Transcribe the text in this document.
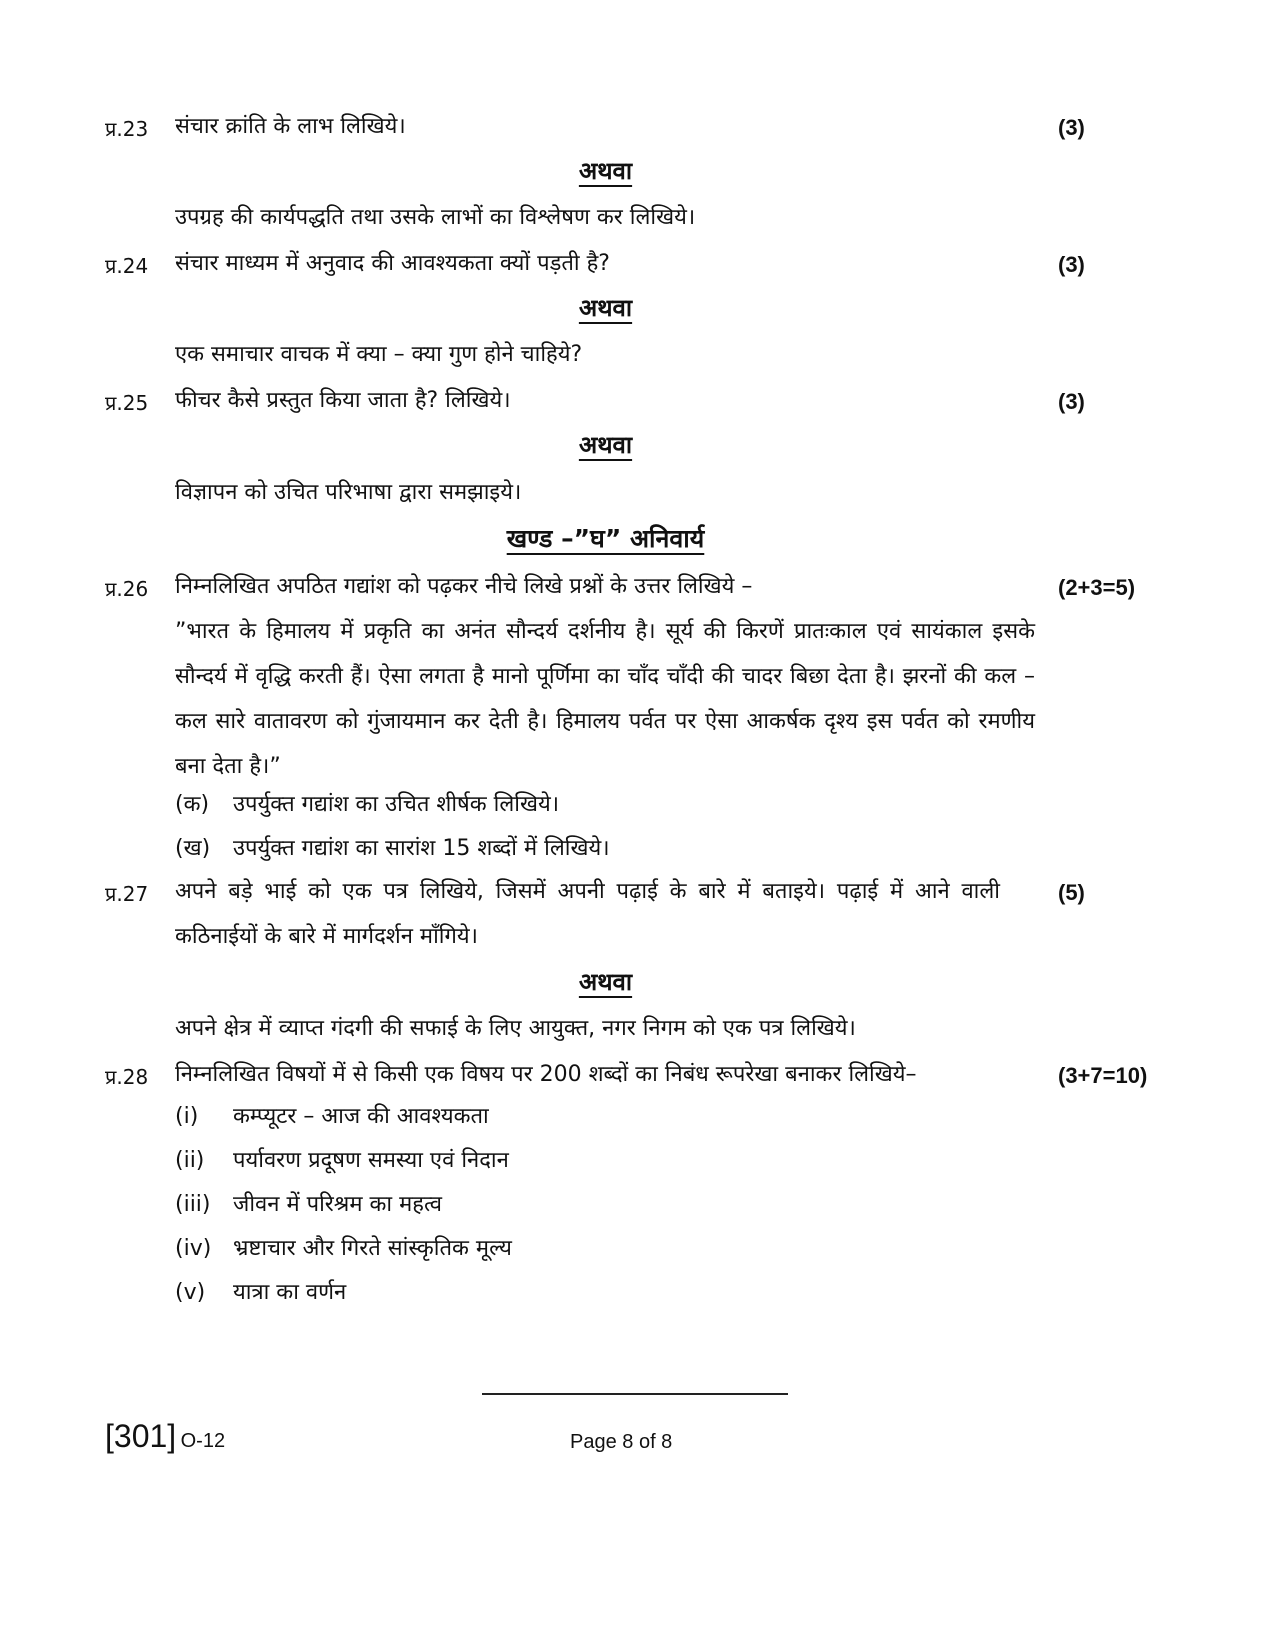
प्र.23 संचार क्रांति के लाभ लिखिये।	(3)
अथवा
उपग्रह की कार्यपद्धति तथा उसके लाभों का विश्लेषण कर लिखिये।
प्र.24 संचार माध्यम में अनुवाद की आवश्यकता क्यों पड़ती है?	(3)
अथवा
एक समाचार वाचक में क्या – क्या गुण होने चाहिये?
प्र.25 फीचर कैसे प्रस्तुत किया जाता है? लिखिये।	(3)
अथवा
विज्ञापन को उचित परिभाषा द्वारा समझाइये।
खण्ड –”घ” अनिवार्य
प्र.26 निम्नलिखित अपठित गद्यांश को पढ़कर नीचे लिखे प्रश्नों के उत्तर लिखिये –	(2+3=5)
”भारत के हिमालय में प्रकृति का अनंत सौन्दर्य दर्शनीय है। सूर्य की किरणें प्रातःकाल एवं सायंकाल इसके सौन्दर्य में वृद्धि करती हैं। ऐसा लगता है मानो पूर्णिमा का चाँद चाँदी की चादर बिछा देता है। झरनों की कल – कल सारे वातावरण को गुंजायमान कर देती है। हिमालय पर्वत पर ऐसा आकर्षक दृश्य इस पर्वत को रमणीय बना देता है।”
(क) उपर्युक्त गद्यांश का उचित शीर्षक लिखिये।
(ख) उपर्युक्त गद्यांश का सारांश 15 शब्दों में लिखिये।
प्र.27 अपने बड़े भाई को एक पत्र लिखिये, जिसमें अपनी पढ़ाई के बारे में बताइये। पढ़ाई में आने वाली कठिनाईयों के बारे में मार्गदर्शन माँगिये।
(5)
अथवा
अपने क्षेत्र में व्याप्त गंदगी की सफाई के लिए आयुक्त, नगर निगम को एक पत्र लिखिये।
प्र.28 निम्नलिखित विषयों में से किसी एक विषय पर 200 शब्दों का निबंध रूपरेखा बनाकर लिखिये–	(3+7=10)
(i) कम्प्यूटर – आज की आवश्यकता
(ii) पर्यावरण प्रदूषण समस्या एवं निदान
(iii) जीवन में परिश्रम का महत्व
(iv) भ्रष्टाचार और गिरते सांस्कृतिक मूल्य
(v) यात्रा का वर्णन
[301] O-12	Page 8 of 8
